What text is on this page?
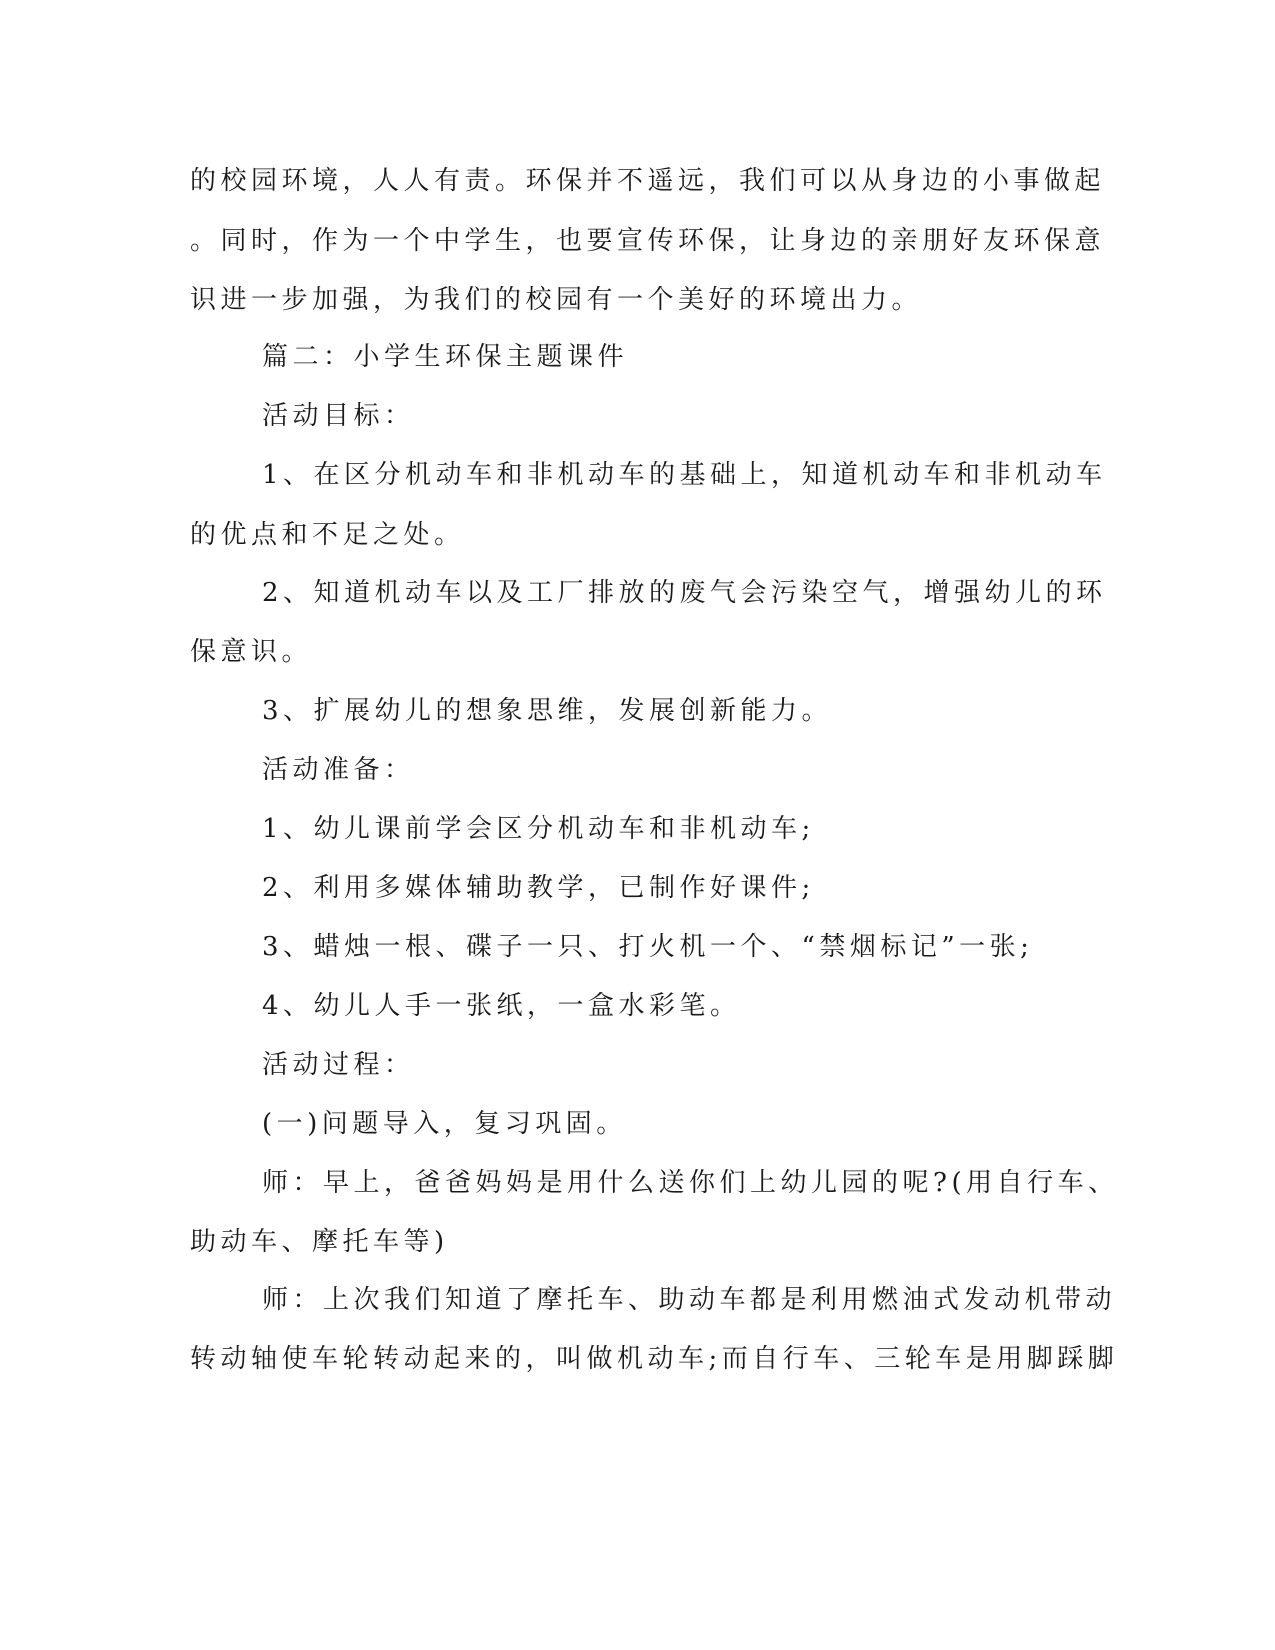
的校园环境，人人有责。环保并不遥远，我们可以从身边的小事做起

。同时，作为一个中学生，也要宣传环保，让身边的亲朋好友环保意

识进一步加强，为我们的校园有一个美好的环境出力。

篇二：小学生环保主题课件

活动目标：

1、在区分机动车和非机动车的基础上，知道机动车和非机动车

的优点和不足之处。

2、知道机动车以及工厂排放的废气会污染空气，增强幼儿的环

保意识。

3、扩展幼儿的想象思维，发展创新能力。

活动准备：

1、幼儿课前学会区分机动车和非机动车;

2、利用多媒体辅助教学，已制作好课件;

3、蜡烛一根、碟子一只、打火机一个、“禁烟标记”一张;

4、幼儿人手一张纸，一盒水彩笔。

活动过程：

(一)问题导入，复习巩固。

师：早上，爸爸妈妈是用什么送你们上幼儿园的呢?(用自行车、

助动车、摩托车等)

师：上次我们知道了摩托车、助动车都是利用燃油式发动机带动

转动轴使车轮转动起来的，叫做机动车;而自行车、三轮车是用脚踩脚
